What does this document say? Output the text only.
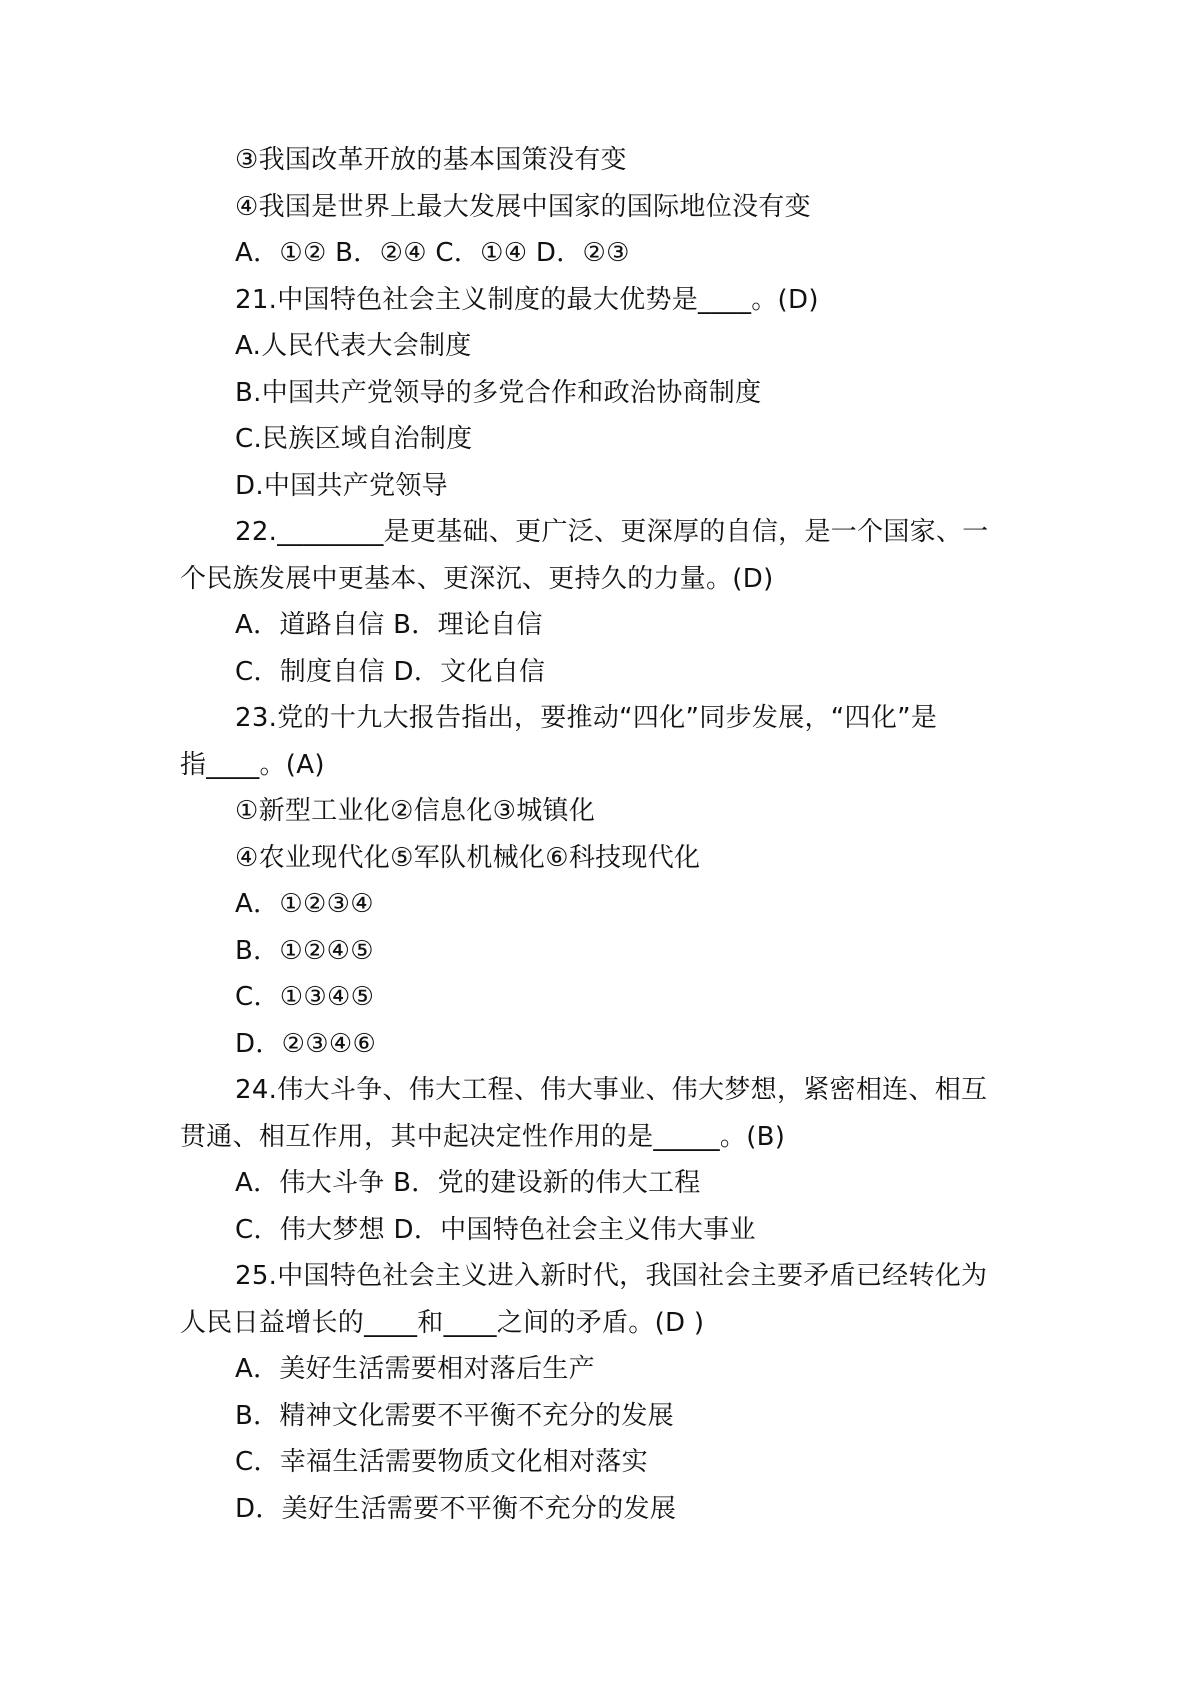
③我国改革开放的基本国策没有变

④我国是世界上最大发展中国家的国际地位没有变

A．①② B．②④ C．①④ D．②③

21.中国特色社会主义制度的最大优势是____。(D)

A.人民代表大会制度

B.中国共产党领导的多党合作和政治协商制度

C.民族区域自治制度

D.中国共产党领导

22.________是更基础、更广泛、更深厚的自信，是一个国家、一

个民族发展中更基本、更深沉、更持久的力量。(D)

A．道路自信 B．理论自信

C．制度自信 D．文化自信

23.党的十九大报告指出，要推动“四化”同步发展，“四化”是

指____。(A)

①新型工业化②信息化③城镇化

④农业现代化⑤军队机械化⑥科技现代化

A．①②③④

B．①②④⑤

C．①③④⑤

D．②③④⑥

24.伟大斗争、伟大工程、伟大事业、伟大梦想，紧密相连、相互

贯通、相互作用，其中起决定性作用的是_____。(B)

A．伟大斗争 B．党的建设新的伟大工程

C．伟大梦想 D．中国特色社会主义伟大事业

25.中国特色社会主义进入新时代，我国社会主要矛盾已经转化为

人民日益增长的____和____之间的矛盾。(D )

A．美好生活需要相对落后生产

B．精神文化需要不平衡不充分的发展

C．幸福生活需要物质文化相对落实

D．美好生活需要不平衡不充分的发展
